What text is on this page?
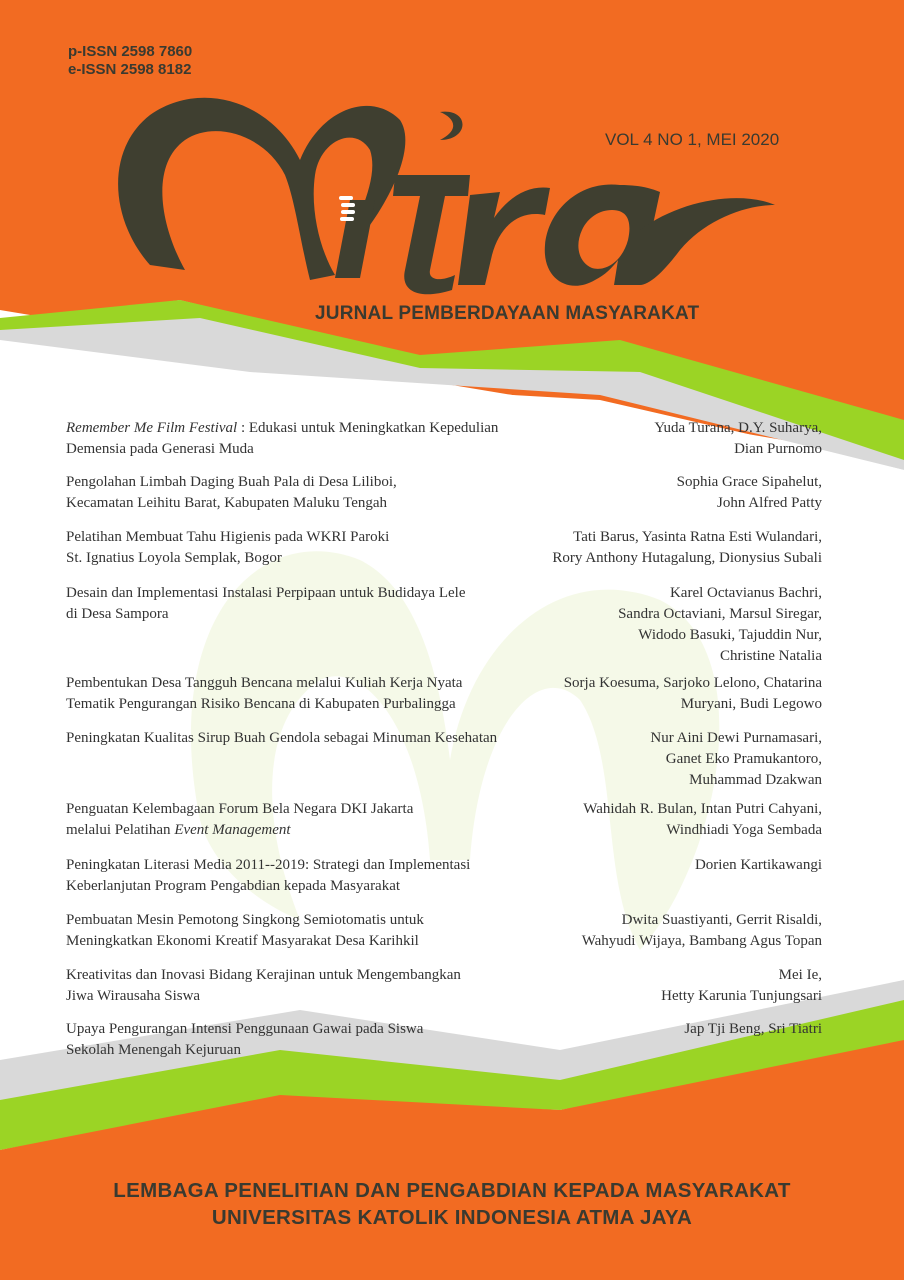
p-ISSN 2598 7860
e-ISSN 2598 8182
VOL 4 NO 1, MEI 2020
JURNAL PEMBERDAYAAN MASYARAKAT
Remember Me Film Festival : Edukasi untuk Meningkatkan Kepedulian
Demensia pada Generasi Muda
Yuda Turana, D.Y. Suharya,
Dian Purnomo
Pengolahan Limbah Daging Buah Pala di Desa Liliboi,
Kecamatan Leihitu Barat, Kabupaten Maluku Tengah
Sophia Grace Sipahelut,
John Alfred Patty
Pelatihan Membuat Tahu Higienis pada WKRI Paroki
St. Ignatius Loyola Semplak, Bogor
Tati Barus, Yasinta Ratna Esti Wulandari,
Rory Anthony Hutagalung, Dionysius Subali
Desain dan Implementasi Instalasi Perpipaan untuk Budidaya Lele
di Desa Sampora
Karel Octavianus Bachri,
Sandra Octaviani, Marsul Siregar,
Widodo Basuki, Tajuddin Nur,
Christine Natalia
Pembentukan Desa Tangguh Bencana melalui Kuliah Kerja Nyata
Tematik Pengurangan Risiko Bencana di Kabupaten Purbalingga
Sorja Koesuma, Sarjoko Lelono, Chatarina
Muryani, Budi Legowo
Peningkatan Kualitas Sirup Buah Gendola sebagai Minuman Kesehatan	Nur Aini Dewi Purnamasari,
Ganet Eko Pramukantoro,
Muhammad Dzakwan
Penguatan Kelembagaan Forum Bela Negara DKI Jakarta
melalui Pelatihan Event Management
Wahidah R. Bulan, Intan Putri Cahyani,
Windhiadi Yoga Sembada
Peningkatan Literasi Media 2011--2019: Strategi dan Implementasi
Keberlanjutan Program Pengabdian kepada Masyarakat
Dorien Kartikawangi
Pembuatan Mesin Pemotong Singkong Semiotomatis untuk
Meningkatkan Ekonomi Kreatif Masyarakat Desa Karihkil
Dwita Suastiyanti, Gerrit Risaldi,
Wahyudi Wijaya, Bambang Agus Topan
Kreativitas dan Inovasi Bidang Kerajinan untuk Mengembangkan
Jiwa Wirausaha Siswa
Mei Ie,
Hetty Karunia Tunjungsari
Upaya Pengurangan Intensi Penggunaan Gawai pada Siswa
Sekolah Menengah Kejuruan
Jap Tji Beng, Sri Tiatri
LEMBAGA PENELITIAN DAN PENGABDIAN KEPADA MASYARAKAT
UNIVERSITAS KATOLIK INDONESIA ATMA JAYA
